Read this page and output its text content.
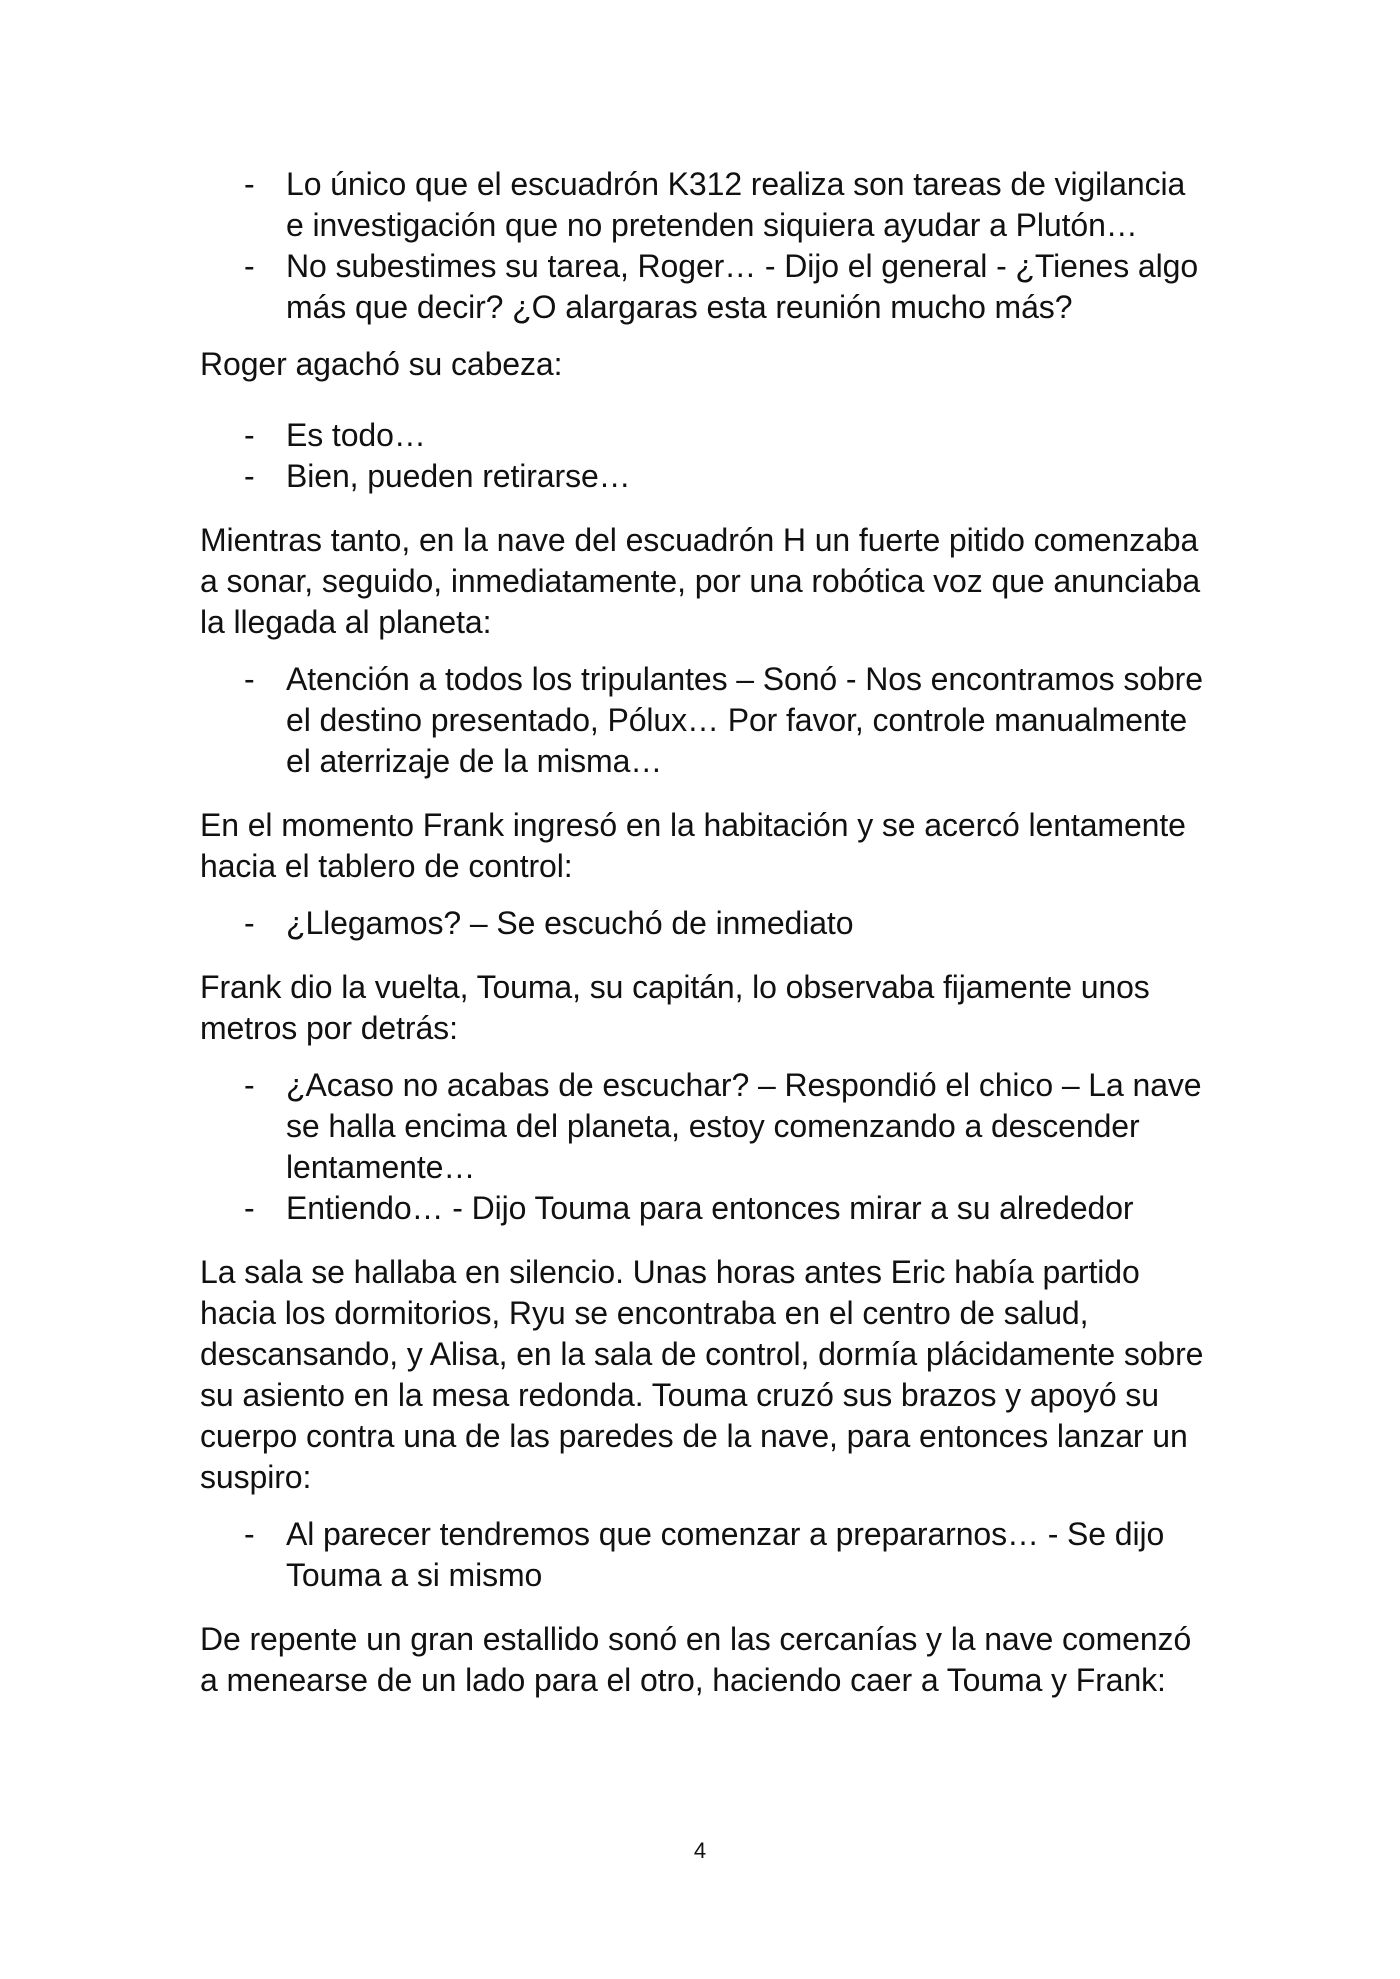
- Lo único que el escuadrón K312 realiza son tareas de vigilancia e investigación que no pretenden siquiera ayudar a Plutón…
- No subestimes su tarea, Roger… - Dijo el general - ¿Tienes algo más que decir? ¿O alargaras esta reunión mucho más?

Roger agachó su cabeza:

- Es todo…
- Bien, pueden retirarse…

Mientras tanto, en la nave del escuadrón H un fuerte pitido comenzaba a sonar, seguido, inmediatamente, por una robótica voz que anunciaba la llegada al planeta:

- Atención a todos los tripulantes – Sonó - Nos encontramos sobre el destino presentado, Pólux… Por favor, controle manualmente el aterrizaje de la misma…

En el momento Frank ingresó en la habitación y se acercó lentamente hacia el tablero de control:

- ¿Llegamos? – Se escuchó de inmediato

Frank dio la vuelta, Touma, su capitán, lo observaba fijamente unos metros por detrás:

- ¿Acaso no acabas de escuchar? – Respondió el chico – La nave se halla encima del planeta, estoy comenzando a descender lentamente…
- Entiendo… - Dijo Touma para entonces mirar a su alrededor

La sala se hallaba en silencio. Unas horas antes Eric había partido hacia los dormitorios, Ryu se encontraba en el centro de salud, descansando, y Alisa, en la sala de control, dormía plácidamente sobre su asiento en la mesa redonda. Touma cruzó sus brazos y apoyó su cuerpo contra una de las paredes de la nave, para entonces lanzar un suspiro:

- Al parecer tendremos que comenzar a prepararnos… - Se dijo Touma a si mismo

De repente un gran estallido sonó en las cercanías y la nave comenzó a menearse de un lado para el otro, haciendo caer a Touma y Frank:

4
